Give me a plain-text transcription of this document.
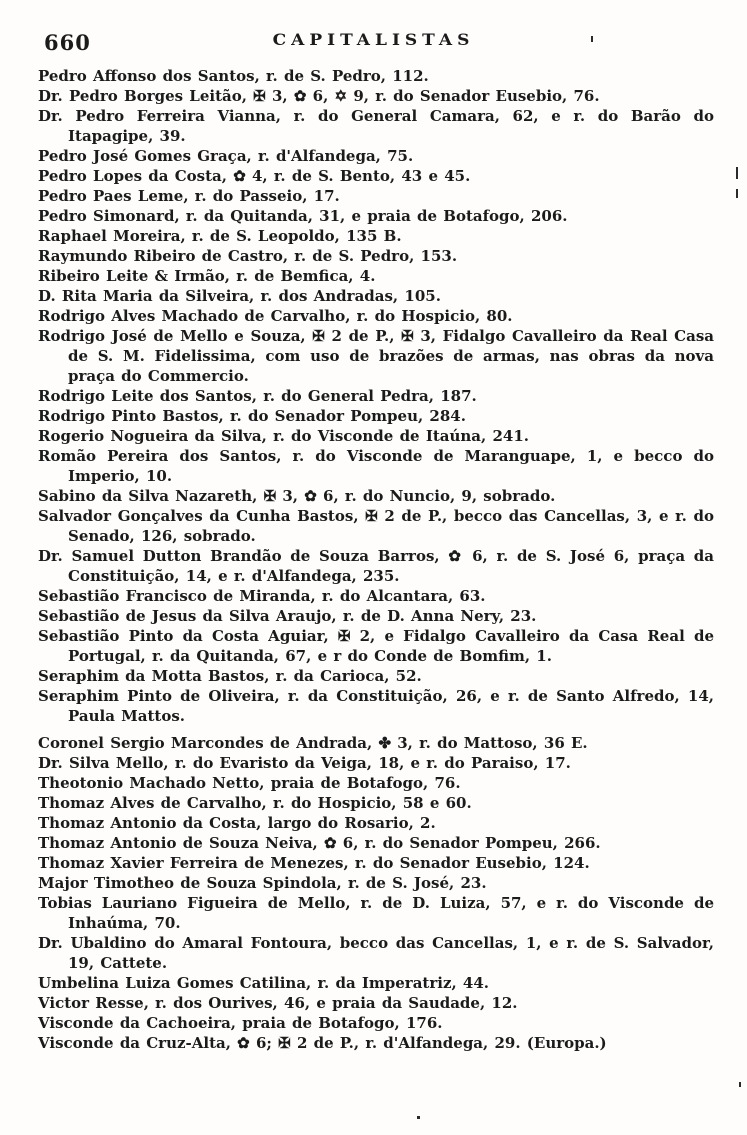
660	CAPITALISTAS

Pedro Affonso dos Santos, r. de S. Pedro, 112.

Dr. Pedro Borges Leitão, ✠ 3, ✿ 6, ✡ 9, r. do Senador Eusebio, 76.

Dr. Pedro Ferreira Vianna, r. do General Camara, 62, e r. do Barão do Itapagipe, 39.

Pedro José Gomes Graça, r. d'Alfandega, 75.

Pedro Lopes da Costa, ✿ 4, r. de S. Bento, 43 e 45.

Pedro Paes Leme, r. do Passeio, 17.

Pedro Simonard, r. da Quitanda, 31, e praia de Botafogo, 206.

Raphael Moreira, r. de S. Leopoldo, 135 B.

Raymundo Ribeiro de Castro, r. de S. Pedro, 153.

Ribeiro Leite & Irmão, r. de Bemfica, 4.

D. Rita Maria da Silveira, r. dos Andradas, 105.

Rodrigo Alves Machado de Carvalho, r. do Hospicio, 80.

Rodrigo José de Mello e Souza, ✠ 2 de P., ✠ 3, Fidalgo Cavalleiro da Real Casa de S. M. Fidelissima, com uso de brazões de armas, nas obras da nova praça do Commercio.

Rodrigo Leite dos Santos, r. do General Pedra, 187.

Rodrigo Pinto Bastos, r. do Senador Pompeu, 284.

Rogerio Nogueira da Silva, r. do Visconde de Itaúna, 241.

Romão Pereira dos Santos, r. do Visconde de Maranguape, 1, e becco do Imperio, 10.

Sabino da Silva Nazareth, ✠ 3, ✿ 6, r. do Nuncio, 9, sobrado.

Salvador Gonçalves da Cunha Bastos, ✠ 2 de P., becco das Cancellas, 3, e r. do Senado, 126, sobrado.

Dr. Samuel Dutton Brandão de Souza Barros, ✿ 6, r. de S. José 6, praça da Constituição, 14, e r. d'Alfandega, 235.

Sebastião Francisco de Miranda, r. do Alcantara, 63.

Sebastião de Jesus da Silva Araujo, r. de D. Anna Nery, 23.

Sebastião Pinto da Costa Aguiar, ✠ 2, e Fidalgo Cavalleiro da Casa Real de Portugal, r. da Quitanda, 67, e r do Conde de Bomfim, 1.

Seraphim da Motta Bastos, r. da Carioca, 52.

Seraphim Pinto de Oliveira, r. da Constituição, 26, e r. de Santo Alfredo, 14, Paula Mattos.

Coronel Sergio Marcondes de Andrada, ✤ 3, r. do Mattoso, 36 E.

Dr. Silva Mello, r. do Evaristo da Veiga, 18, e r. do Paraiso, 17.

Theotonio Machado Netto, praia de Botafogo, 76.

Thomaz Alves de Carvalho, r. do Hospicio, 58 e 60.

Thomaz Antonio da Costa, largo do Rosario, 2.

Thomaz Antonio de Souza Neiva, ✿ 6, r. do Senador Pompeu, 266.

Thomaz Xavier Ferreira de Menezes, r. do Senador Eusebio, 124.

Major Timotheo de Souza Spindola, r. de S. José, 23.

Tobias Lauriano Figueira de Mello, r. de D. Luiza, 57, e r. do Visconde de Inhaúma, 70.

Dr. Ubaldino do Amaral Fontoura, becco das Cancellas, 1, e r. de S. Salvador, 19, Cattete.

Umbelina Luiza Gomes Catilina, r. da Imperatriz, 44.

Victor Resse, r. dos Ourives, 46, e praia da Saudade, 12.

Visconde da Cachoeira, praia de Botafogo, 176.

Visconde da Cruz-Alta, ✿ 6; ✠ 2 de P., r. d'Alfandega, 29. (Europa.)
